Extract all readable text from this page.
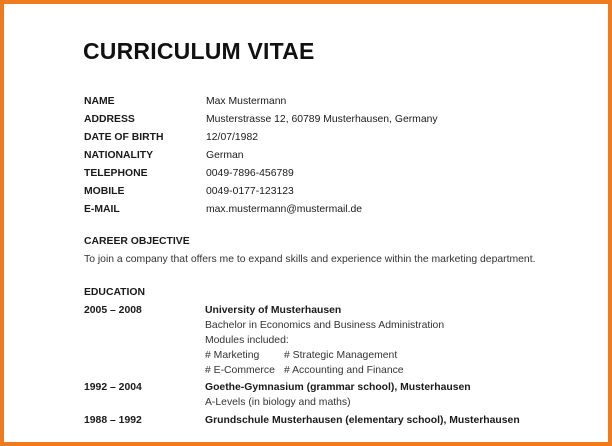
CURRICULUM VITAE
NAME	Max Mustermann
ADDRESS	Musterstrasse 12, 60789 Musterhausen, Germany
DATE OF BIRTH	12/07/1982
NATIONALITY	German
TELEPHONE	0049-7896-456789
MOBILE	0049-0177-123123
E-MAIL	max.mustermann@mustermail.de
CAREER OBJECTIVE
To join a company that offers me to expand skills and experience within the marketing department.
EDUCATION
2005 – 2008	University of Musterhausen
Bachelor in Economics and Business Administration
Modules included:
# Marketing # Strategic Management
# E-Commerce # Accounting and Finance
1992 – 2004	Goethe-Gymnasium (grammar school), Musterhausen
A-Levels (in biology and maths)
1988 – 1992	Grundschule Musterhausen (elementary school), Musterhausen
